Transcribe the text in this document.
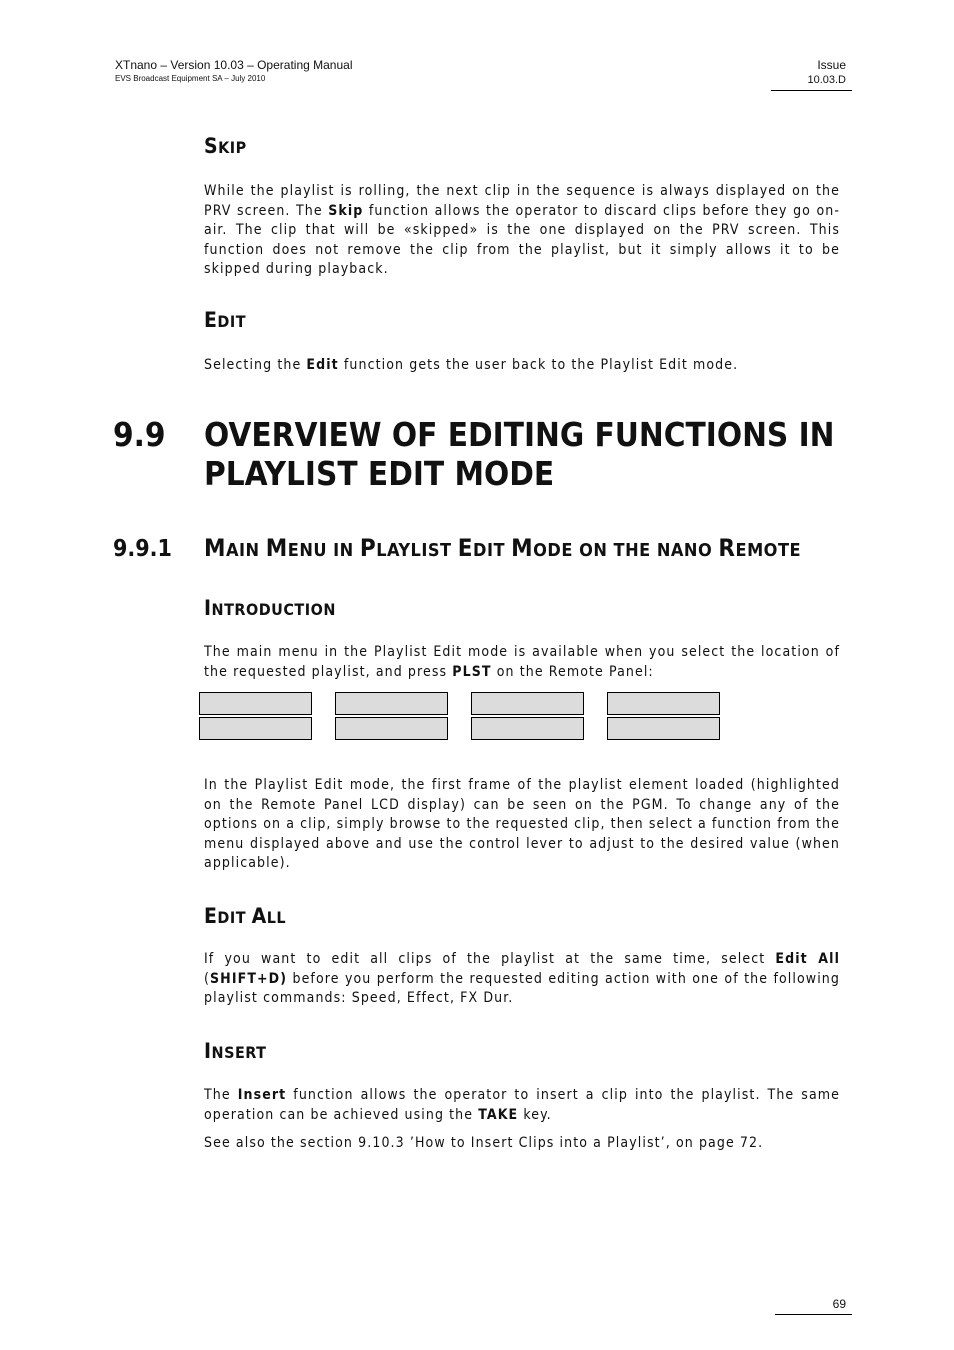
XTnano – Version 10.03 – Operating Manual
EVS Broadcast Equipment SA – July 2010
Issue
10.03.D
SKIP
While the playlist is rolling, the next clip in the sequence is always displayed on the PRV screen. The Skip function allows the operator to discard clips before they go on-air. The clip that will be «skipped» is the one displayed on the PRV screen. This function does not remove the clip from the playlist, but it simply allows it to be skipped during playback.
EDIT
Selecting the Edit function gets the user back to the Playlist Edit mode.
9.9 OVERVIEW OF EDITING FUNCTIONS IN PLAYLIST EDIT MODE
9.9.1 MAIN MENU IN PLAYLIST EDIT MODE ON THE NANO REMOTE
INTRODUCTION
The main menu in the Playlist Edit mode is available when you select the location of the requested playlist, and press PLST on the Remote Panel:
In the Playlist Edit mode, the first frame of the playlist element loaded (highlighted on the Remote Panel LCD display) can be seen on the PGM. To change any of the options on a clip, simply browse to the requested clip, then select a function from the menu displayed above and use the control lever to adjust to the desired value (when applicable).
EDIT ALL
If you want to edit all clips of the playlist at the same time, select Edit All (SHIFT+D) before you perform the requested editing action with one of the following playlist commands: Speed, Effect, FX Dur.
INSERT
The Insert function allows the operator to insert a clip into the playlist. The same operation can be achieved using the TAKE key.
See also the section 9.10.3 ’How to Insert Clips into a Playlist’, on page 72.
69
